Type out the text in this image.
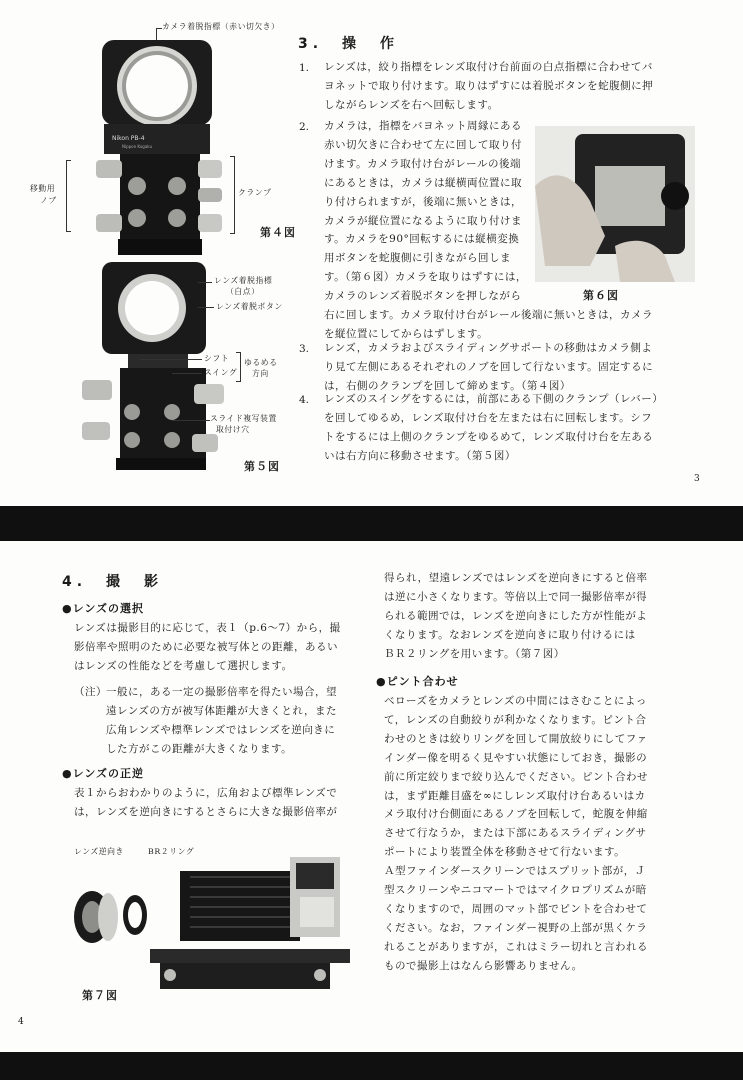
カメラ着脱指標（赤い切欠き）
Nikon PB-4
Nippon Kogaku
移動用
ノブ
クランプ
第４図
レンズ着脱指標
（白点）
レンズ着脱ボタン
シフト
スイング
ゆるめる
方向
スライド複写装置
取付け穴
第５図
3.　操　作
第６図
1. レンズは，絞り指標をレンズ取付け台前面の白点指標に合わせてバ
ヨネットで取り付けます。取りはずすには着脱ボタンを蛇腹側に押
しながらレンズを右へ回転します。
2. カメラは，指標をバヨネット周縁にある
赤い切欠きに合わせて左に回して取り付
けます。カメラ取付け台がレールの後端
にあるときは，カメラは縦横両位置に取
り付けられますが，後端に無いときは，
カメラが縦位置になるように取り付けま
す。カメラを90°回転するには縦横変換
用ボタンを蛇腹側に引きながら回しま
す。（第６図）カメラを取りはずすには，
カメラのレンズ着脱ボタンを押しながら
右に回します。カメラ取付け台がレール後端に無いときは，カメラ
を縦位置にしてからはずします。
3. レンズ，カメラおよびスライディングサポートの移動はカメラ側よ
り見て左側にあるそれぞれのノブを回して行ないます。固定するに
は，右側のクランプを回して締めます。（第４図）
4. レンズのスイングをするには，前部にある下側のクランプ（レバー）
を回してゆるめ，レンズ取付け台を左または右に回転します。シフ
トをするには上側のクランプをゆるめて，レンズ取付け台を左ある
いは右方向に移動させます。（第５図）
3
4.　撮　影
●レンズの選択
レンズは撮影目的に応じて，表１（p.6〜7）から，撮
影倍率や照明のために必要な被写体との距離，あるい
はレンズの性能などを考慮して選択します。
（注） 一般に，ある一定の撮影倍率を得たい場合，望
遠レンズの方が被写体距離が大きくとれ，また
広角レンズや標準レンズではレンズを逆向きに
した方がこの距離が大きくなります。
●レンズの正逆
表１からおわかりのように，広角および標準レンズで
は，レンズを逆向きにするとさらに大きな撮影倍率が
レンズ逆向き	BR２リング
第７図
得られ，望遠レンズではレンズを逆向きにすると倍率
は逆に小さくなります。等倍以上で同一撮影倍率が得
られる範囲では，レンズを逆向きにした方が性能がよ
くなります。なおレンズを逆向きに取り付けるには
ＢＲ２リングを用います。（第７図）
●ピント合わせ
ベローズをカメラとレンズの中間にはさむことによっ
て，レンズの自動絞りが利かなくなります。ピント合
わせのときは絞りリングを回して開放絞りにしてファ
インダー像を明るく見やすい状態にしておき，撮影の
前に所定絞りまで絞り込んでください。ピント合わせ
は，まず距離目盛を∞にしレンズ取付け台あるいはカ
メラ取付け台側面にあるノブを回転して，蛇腹を伸縮
させて行なうか，または下部にあるスライディングサ
ポートにより装置全体を移動させて行ないます。
Ａ型ファインダースクリーンではスプリット部が，Ｊ
型スクリーンやニコマートではマイクロプリズムが暗
くなりますので，周囲のマット部でピントを合わせて
ください。なお，ファインダー視野の上部が黒くケラ
れることがありますが，これはミラー切れと言われる
もので撮影上はなんら影響ありません。
4
